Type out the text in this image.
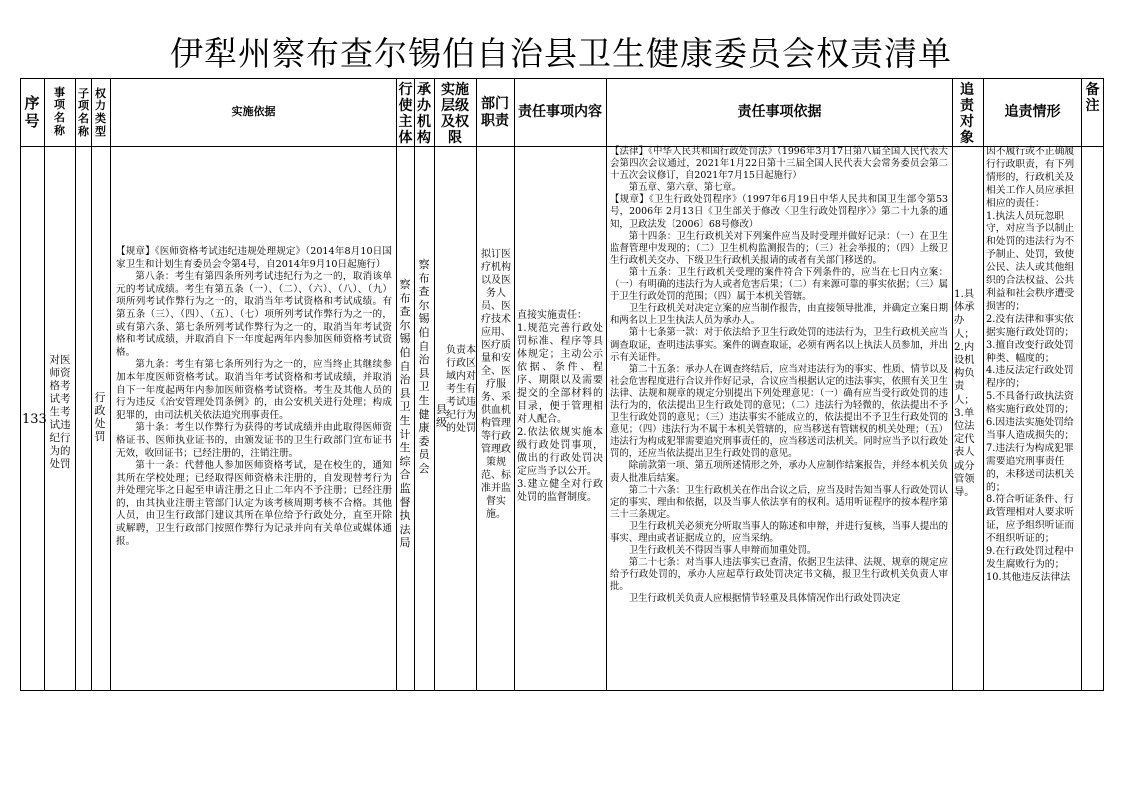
伊犁州察布查尔锡伯自治县卫生健康委员会权责清单
序号
事项名称
子项名称
权力类型
实施依据
行使主体
承办机构
实施层级及权限
部门职责
责任事项内容	责任事项依据
追责对象
追责情形
备注
133
对医师资格考试考生考试违纪行为的处罚
行政处罚

【规章】《医师资格考试违纪违规处理规定》（2014年8月10日国家卫生和计划生育委员会令第4号，自2014年9月10日起施行）

第八条：考生有第四条所列考试违纪行为之一的，取消该单元的考试成绩。考生有第五条（一）、（二）、（六）、（八）、（九）项所列考试作弊行为之一的，取消当年考试资格和考试成绩。有第五条（三）、（四）、（五）、（七）项所列考试作弊行为之一的，或有第六条、第七条所列考试作弊行为之一的，取消当年考试资格和考试成绩，并取消自下一年度起两年内参加医师资格考试资格。

第九条：考生有第七条所列行为之一的，应当终止其继续参加本年度医师资格考试。取消当年考试资格和考试成绩，并取消自下一年度起两年内参加医师资格考试资格。考生及其他人员的行为违反《治安管理处罚条例》的，由公安机关进行处理；构成犯罪的，由司法机关依法追究刑事责任。

第十条：考生以作弊行为获得的考试成绩并由此取得医师资格证书、医师执业证书的，由颁发证书的卫生行政部门宣布证书无效，收回证书；已经注册的，注销注册。

第十一条：代替他人参加医师资格考试，是在校生的，通知其所在学校处理；已经取得医师资格未注册的，自发现替考行为并处理完毕之日起至申请注册之日止二年内不予注册；已经注册的，由其执业注册主管部门认定为该考核周期考核不合格。其他人员，由卫生行政部门建议其所在单位给予行政处分，直至开除或解聘，卫生行政部门按照作弊行为记录并向有关单位或媒体通报。

察布查尔锡伯自治县卫生计生综合监督执法局
察布查尔锡伯自治县卫生健康委员会
县级
负责本行政区域内对考生有考试违纪行为的处罚
拟订医疗机构以及医务人员、医疗技术应用、医疗质量和安全、医疗服务、采供血机构管理等行政管理政策规范、标准并监督实施。

直接实施责任：

1.规范完善行政处罚标准、程序等具体规定；主动公示依据、条件、程序、期限以及需要提交的全部材料的目录，便于管理相对人配合。

2.依法依规实施本级行政处罚事项，做出的行政处罚决定应当予以公开。

3.建立健全对行政处罚的监督制度。

【法律】《中华人民共和国行政处罚法》（1996年3月17日第八届全国人民代表大会第四次会议通过，2021年1月22日第十三届全国人民代表大会常务委员会第二十五次会议修订，自2021年7月15日起施行）

第五章、第六章、第七章。

【规章】《卫生行政处罚程序》（1997年6月19日中华人民共和国卫生部令第53号，2006年 2月13日《卫生部关于修改〈卫生行政处罚程序〉》第二十九条的通知，卫政法发〔2006〕68号修改）

第十四条：卫生行政机关对下列案件应当及时受理并做好记录：（一）在卫生监督管理中发现的；（二）卫生机构监测报告的；（三）社会举报的；（四）上级卫生行政机关交办、下级卫生行政机关报请的或者有关部门移送的。

第十五条：卫生行政机关受理的案件符合下列条件的，应当在七日内立案：（一）有明确的违法行为人或者危害后果；（二）有来源可靠的事实依据；（三）属于卫生行政处罚的范围；（四）属于本机关管辖。

卫生行政机关对决定立案的应当制作报告，由直接领导批准，并确定立案日期和两名以上卫生执法人员为承办人。

第十七条第一款：对于依法给予卫生行政处罚的违法行为，卫生行政机关应当调查取证，查明违法事实。案件的调查取证，必须有两名以上执法人员参加，并出示有关证件。

第二十五条：承办人在调查终结后，应当对违法行为的事实、性质、情节以及社会危害程度进行合议并作好记录，合议应当根据认定的违法事实，依照有关卫生法律、法规和规章的规定分别提出下列处理意见：（一）确有应当受行政处罚的违法行为的，依法提出卫生行政处罚的意见；（二）违法行为轻微的，依法提出不予卫生行政处罚的意见；（三）违法事实不能成立的，依法提出不予卫生行政处罚的意见；（四）违法行为不属于本机关管辖的，应当移送有管辖权的机关处理；（五）违法行为构成犯罪需要追究刑事责任的，应当移送司法机关。同时应当予以行政处罚的，还应当依法提出卫生行政处罚的意见。

除前款第一项、第五项所述情形之外，承办人应制作结案报告，并经本机关负责人批准后结案。

第二十六条：卫生行政机关在作出合议之后，应当及时告知当事人行政处罚认定的事实、理由和依据，以及当事人依法享有的权利。适用听证程序的按本程序第三十三条规定。

卫生行政机关必须充分听取当事人的陈述和申辩，并进行复核，当事人提出的事实、理由或者证据成立的，应当采纳。

卫生行政机关不得因当事人申辩而加重处罚。

第二十七条：对当事人违法事实已查清，依据卫生法律、法规、规章的规定应给予行政处罚的，承办人应起草行政处罚决定书文稿，报卫生行政机关负责人审批。

卫生行政机关负责人应根据情节轻重及具体情况作出行政处罚决定

1.具体承办人；2.内设机构负责人；3.单位法定代表人或分管领导。
因不履行或不正确履行行政职责，有下列情形的，行政机关及相关工作人员应承担相应的责任：
1.执法人员玩忽职守，对应当予以制止和处罚的违法行为不予制止、处罚，致使公民、法人或其他组织的合法权益、公共利益和社会秩序遭受损害的；
2.没有法律和事实依据实施行政处罚的；
3.擅自改变行政处罚种类、幅度的；
4.违反法定行政处罚程序的；
5.不具备行政执法资格实施行政处罚的；
6.因违法实施处罚给当事人造成损失的；
7.违法行为构成犯罪需要追究刑事责任的，未移送司法机关的；
8.符合听证条件、行政管理相对人要求听证，应予组织听证而不组织听证的；
9.在行政处罚过程中发生腐败行为的；
10.其他违反法律法
